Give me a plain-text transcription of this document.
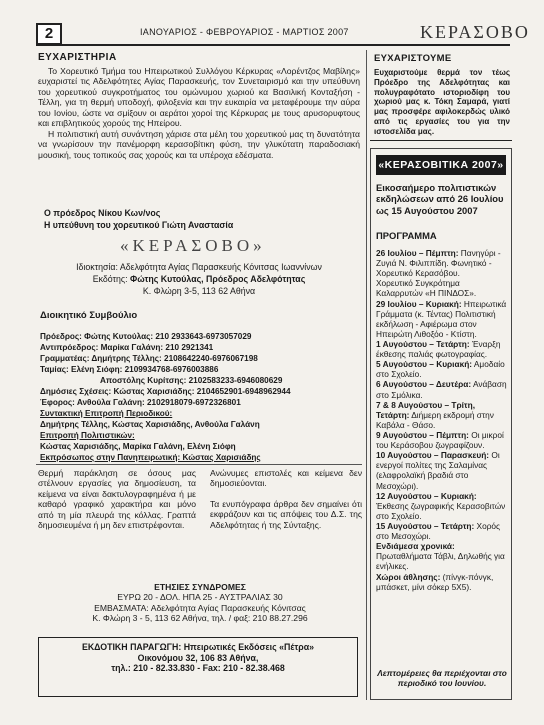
2	ΙΑΝΟΥΑΡΙΟΣ - ΦΕΒΡΟΥΑΡΙΟΣ - ΜΑΡΤΙΟΣ 2007	ΚΕΡΑΣΟΒΟ
ΕΥΧΑΡΙΣΤΗΡΙΑ

Το Χορευτικό Τμήμα του Ηπειρωτικού Συλλόγου Κέρκυρας «Λορέντζος Μαβίλης» ευχαριστεί τις Αδελφότητες Αγίας Παρασκευής, τον Συνεταιρισμό και την υπεύθυνη του χορευτικού συγκροτήματος του ομώνυμου χωριού κα Βασιλική Κονταξήση - Τέλλη, για τη θερμή υποδοχή, φιλοξενία και την ευκαιρία να μεταφέρουμε την αύρα του Ιονίου, ώστε να σμίξουν οι αεράτοι χοροί της Κέρκυρας με τους αρυσορυφτους και επιβλητικούς χορούς της Ηπείρου.

Η πολιτιστική αυτή συνάντηση χάρισε στα μέλη του χορευτικού μας τη δυνατότητα να γνωρίσουν την πανέμορφη κερασοβίτικη φύση, την γλυκύτατη παραδοσιακή μουσική, τους τοπικούς σας χορούς και τα υπέροχα εδέσματα.

Ο πρόεδρος Νίκου Κων/νος
Η υπεύθυνη του χορευτικού Γιώτη Αναστασία
«ΚΕΡΑΣΟΒΟ»
Ιδιοκτησία: Αδελφότητα Αγίας Παρασκευής Κόνιτσας Ιωαννίνων
Εκδότης: Φώτης Κυτούλας, Πρόεδρος Αδελφότητας
Κ. Φλώρη 3-5, 113 62 Αθήνα
Διοικητικό Συμβούλιο
Πρόεδρος: Φώτης Κυτούλας: 210 2933643-6973057029
Αντιπρόεδρος: Μαρίκα Γαλάνη: 210 2921341
Γραμματέας: Δημήτρης Τέλλης: 2108642240-6976067198
Ταμίας: Ελένη Σιόφη: 2109934768-6976003886
Αποστόλης Κυρίτσης: 2102583233-6946080629
Δημόσιες Σχέσεις: Κώστας Χαρισιάδης: 2104652901-6948962944
Έφορος: Ανθούλα Γαλάνη: 2102918079-6972326801
Συντακτική Επιτροπή Περιοδικού:
Δημήτρης Τέλλης, Κώστας Χαρισιάδης, Ανθούλα Γαλάνη
Επιτροπή Πολιτιστικών:
Κώστας Χαρισιάδης, Μαρίκα Γαλάνη, Ελένη Σιόφη
Εκπρόσωπος στην Πανηπειρωτική: Κώστας Χαρισιάδης
Θερμή παράκληση σε όσους μας στέλνουν εργασίες για δημοσίευση, τα κείμενα να είναι δακτυλογραφημένα ή με καθαρό γραφικό χαρακτήρα και μόνο από τη μία πλευρά της κόλλας. Γραπτά δημοσιευμένα ή μη δεν επιστρέφονται.

Ανώνυμες επιστολές και κείμενα δεν δημοσιεύονται.

Τα ενυπόγραφα άρθρα δεν σημαίνει ότι εκφράζουν και τις απόψεις του Δ.Σ. της Αδελφότητας ή της Σύνταξης.

ΕΤΗΣΙΕΣ ΣΥΝΔΡΟΜΕΣ

ΕΥΡΩ 20 - ΔΟΛ. ΗΠΑ 25 - ΑΥΣΤΡΑΛΙΑΣ 30

ΕΜΒΑΣΜΑΤΑ: Αδελφότητα Αγίας Παρασκευής Κόνιτσας

Κ. Φλώρη 3 - 5, 113 62 Αθήνα, τηλ. / φαξ: 210 88.27.296

ΕΚΔΟΤΙΚΗ ΠΑΡΑΓΩΓΗ: Ηπειρωτικές Εκδόσεις «Πέτρα»

Οικονόμου 32, 106 83 Αθήνα,

τηλ.: 210 - 82.33.830 - Fax: 210 - 82.38.468

ΕΥΧΑΡΙΣΤΟΥΜΕ
Ευχαριστούμε θερμά τον τέως Πρόεδρο της Αδελφότητας και πολυγραφότατο ιστοριοδίφη του χωριού μας κ. Τόκη Σαμαρά, γιατί μας προσφέρε αφιλοκερδώς υλικό από τις εργασίες του για την ιστοσελίδα μας.
«ΚΕΡΑΣΟΒΙΤΙΚΑ 2007»
Εικοσαήμερο πολιτιστικών εκδηλώσεων από 26 Ιουλίου ως 15 Αυγούστου 2007
ΠΡΟΓΡΑΜΜΑ

26 Ιουλίου – Πέμπτη: Πανηγύρι - Ζυγιά Ν. Φιλιππίδη. Φωνητικό - Χορευτικό Κερασόβου.

Χορευτικό Συγκρότημα Καλαρρυτών «Η ΠΙΝΔΟΣ».

29 Ιουλίου – Κυριακή: Ηπειρωτικά Γράμματα (κ. Τέντας) Πολιτιστική εκδήλωση - Αφιέρωμα στον Ηπειρώτη Λιθοξόο - Κτίστη.

1 Αυγούστου – Τετάρτη: Έναρξη έκθεσης παλιάς φωτογραφίας.

5 Αυγούστου – Κυριακή: Αμοδαίο στο Σχολείο.

6 Αυγούστου – Δευτέρα: Ανάβαση στο Σμόλικα.

7 & 8 Αυγούστου – Τρίτη, Τετάρτη: Διήμερη εκδρομή στην Καβάλα - Θάσο.

9 Αυγούστου – Πέμπτη: Οι μικροί του Κεράσοβου ζωγραφίζουν.

10 Αυγούστου – Παρασκευή: Οι ενεργοί πολίτες της Σαλαμίνας (ελαφρολαϊκή βραδιά στο Μεσοχώρι).

12 Αυγούστου – Κυριακή: Έκθεσης ζωγραφικής Κερασοβιτών στο Σχολείο.

15 Αυγούστου – Τετάρτη: Χορός στο Μεσοχώρι.

Ενδιάμεσα χρονικά: Πρωταθλήματα Τάβλι, Δηλωθής για ενήλικες.

Χώροι άθλησης: (πίνγκ-πόνγκ, μπάσκετ, μίνι σόκερ 5Χ5).

Λεπτομέρειες θα περιέχονται στο περιοδικό του Ιουνίου.
